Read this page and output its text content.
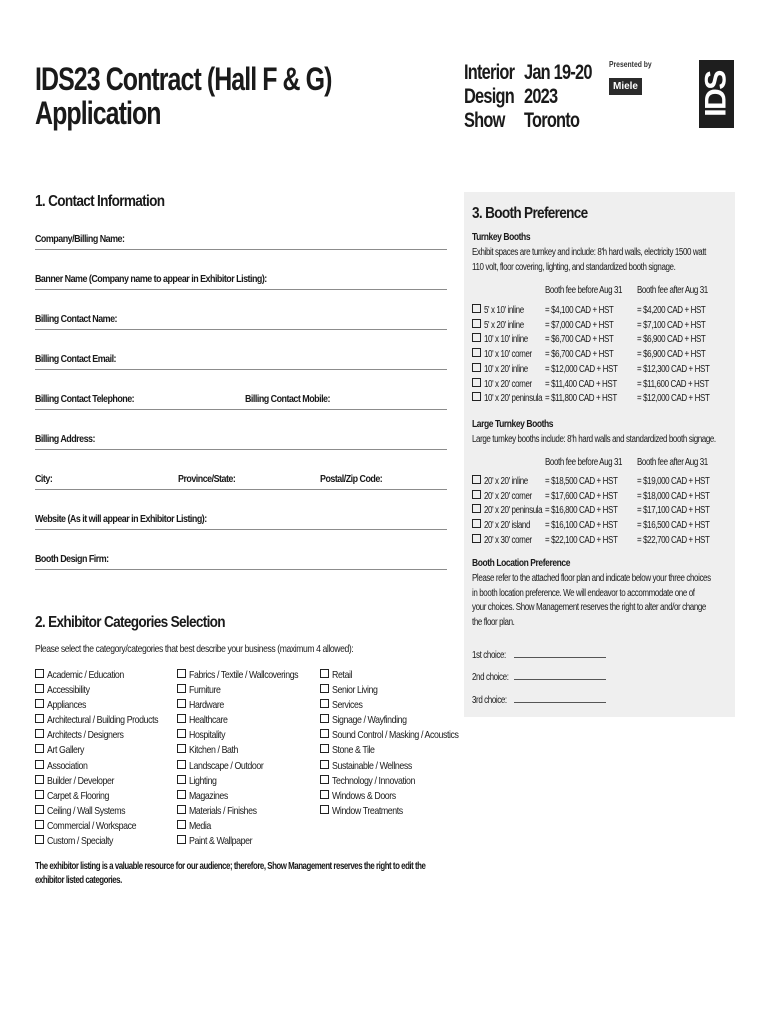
IDS23 Contract (Hall F & G)
Application
Interior
Design
Show
Jan 19-20
2023
Toronto
Presented by
Miele	IDS
1. Contact Information
Company/Billing Name:
Banner Name (Company name to appear in Exhibitor Listing):
Billing Contact Name:
Billing Contact Email:
Billing Contact Telephone:	Billing Contact Mobile:
Billing Address:
City:	Province/State:	Postal/Zip Code:
Website (As it will appear in Exhibitor Listing):
Booth Design Firm:
2. Exhibitor Categories Selection
Please select the category/categories that best describe your business (maximum 4 allowed):
Academic / Education
Accessibility
Appliances
Architectural / Building Products
Architects / Designers
Art Gallery
Association
Builder / Developer
Carpet & Flooring
Ceiling / Wall Systems
Commercial / Workspace
Custom / Specialty
Fabrics / Textile / Wallcoverings
Furniture
Hardware
Healthcare
Hospitality
Kitchen / Bath
Landscape / Outdoor
Lighting
Magazines
Materials / Finishes
Media
Paint & Wallpaper
Retail
Senior Living
Services
Signage / Wayfinding
Sound Control / Masking / Acoustics
Stone & Tile
Sustainable / Wellness
Technology / Innovation
Windows & Doors
Window Treatments
The exhibitor listing is a valuable resource for our audience; therefore, Show Management reserves the right to edit the
exhibitor listed categories.
3. Booth Preference
Turnkey Booths
Exhibit spaces are turnkey and include: 8'h hard walls, electricity 1500 watt
110 volt, floor covering, lighting, and standardized booth signage.
Booth fee before Aug 31 Booth fee after Aug 31
5' x 10' inline = $4,100 CAD + HST = $4,200 CAD + HST
5' x 20' inline = $7,000 CAD + HST = $7,100 CAD + HST
10' x 10' inline = $6,700 CAD + HST = $6,900 CAD + HST
10' x 10' corner = $6,700 CAD + HST = $6,900 CAD + HST
10' x 20' inline = $12,000 CAD + HST = $12,300 CAD + HST
10' x 20' corner = $11,400 CAD + HST = $11,600 CAD + HST
10' x 20' peninsula = $11,800 CAD + HST = $12,000 CAD + HST
Large Turnkey Booths
Large turnkey booths include: 8'h hard walls and standardized booth signage.
Booth fee before Aug 31 Booth fee after Aug 31
20' x 20' inline = $18,500 CAD + HST = $19,000 CAD + HST
20' x 20' corner = $17,600 CAD + HST = $18,000 CAD + HST
20' x 20' peninsula = $16,800 CAD + HST = $17,100 CAD + HST
20' x 20' island = $16,100 CAD + HST = $16,500 CAD + HST
20' x 30' corner = $22,100 CAD + HST = $22,700 CAD + HST
Booth Location Preference
Please refer to the attached floor plan and indicate below your three choices
in booth location preference. We will endeavor to accommodate one of
your choices. Show Management reserves the right to alter and/or change
the floor plan.
1st choice:
2nd choice:
3rd choice:
